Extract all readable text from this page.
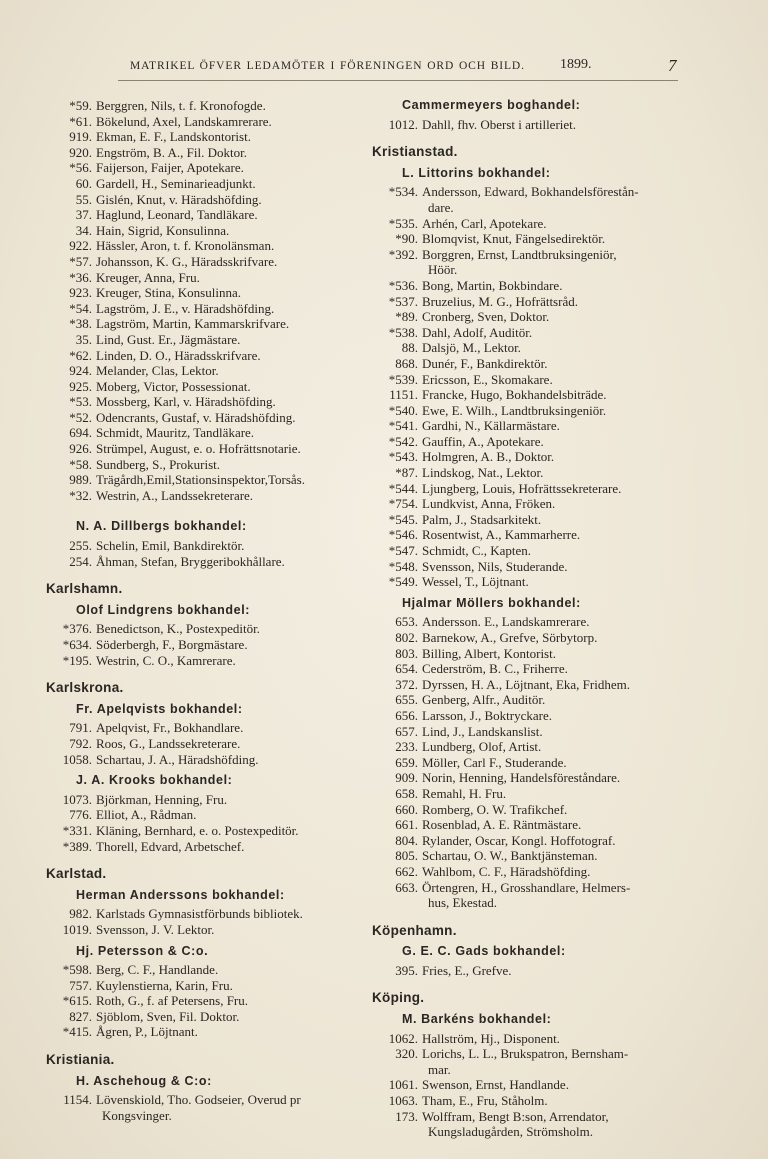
MATRIKEL ÖFVER LEDAMÖTER I FÖRENINGEN ORD OCH BILD.	1899.	7
*59. Berggren, Nils, t. f. Kronofogde.
*61. Bökelund, Axel, Landskamrerare.
919. Ekman, E. F., Landskontorist.
920. Engström, B. A., Fil. Doktor.
*56. Faijerson, Faijer, Apotekare.
60. Gardell, H., Seminarieadjunkt.
55. Gislén, Knut, v. Häradshöfding.
37. Haglund, Leonard, Tandläkare.
34. Hain, Sigrid, Konsulinna.
922. Hässler, Aron, t. f. Kronolänsman.
*57. Johansson, K. G., Häradsskrifvare.
*36. Kreuger, Anna, Fru.
923. Kreuger, Stina, Konsulinna.
*54. Lagström, J. E., v. Häradshöfding.
*38. Lagström, Martin, Kammarskrifvare.
35. Lind, Gust. Er., Jägmästare.
*62. Linden, D. O., Häradsskrifvare.
924. Melander, Clas, Lektor.
925. Moberg, Victor, Possessionat.
*53. Mossberg, Karl, v. Häradshöfding.
*52. Odencrants, Gustaf, v. Häradshöfding.
694. Schmidt, Mauritz, Tandläkare.
926. Strümpel, August, e. o. Hofrättsnotarie.
*58. Sundberg, S., Prokurist.
989. Trägårdh,Emil,Stationsinspektor,Torsås.
*32. Westrin, A., Landssekreterare.
N. A. Dillbergs bokhandel:
255. Schelin, Emil, Bankdirektör.
254. Åhman, Stefan, Bryggeribokhållare.
Karlshamn.
Olof Lindgrens bokhandel:
*376. Benedictson, K., Postexpeditör.
*634. Söderbergh, F., Borgmästare.
*195. Westrin, C. O., Kamrerare.
Karlskrona.
Fr. Apelqvists bokhandel:
791. Apelqvist, Fr., Bokhandlare.
792. Roos, G., Landssekreterare.
1058. Schartau, J. A., Häradshöfding.
J. A. Krooks bokhandel:
1073. Björkman, Henning, Fru.
776. Elliot, A., Rådman.
*331. Kläning, Bernhard, e. o. Postexpeditör.
*389. Thorell, Edvard, Arbetschef.
Karlstad.
Herman Anderssons bokhandel:
982. Karlstads Gymnasistförbunds bibliotek.
1019. Svensson, J. V. Lektor.
Hj. Petersson & C:o.
*598. Berg, C. F., Handlande.
757. Kuylenstierna, Karin, Fru.
*615. Roth, G., f. af Petersens, Fru.
827. Sjöblom, Sven, Fil. Doktor.
*415. Ågren, P., Löjtnant.
Kristiania.
H. Aschehoug & C:o:
1154. Lövenskiold, Tho. Godseier, Overud pr
Kongsvinger.
Cammermeyers boghandel:
1012. Dahll, fhv. Oberst i artilleriet.
Kristianstad.
L. Littorins bokhandel:
*534. Andersson, Edward, Bokhandelsförestån-
dare.
*535. Arhén, Carl, Apotekare.
*90. Blomqvist, Knut, Fängelsedirektör.
*392. Borggren, Ernst, Landtbruksingeniör,
Höör.
*536. Bong, Martin, Bokbindare.
*537. Bruzelius, M. G., Hofrättsråd.
*89. Cronberg, Sven, Doktor.
*538. Dahl, Adolf, Auditör.
88. Dalsjö, M., Lektor.
868. Dunér, F., Bankdirektör.
*539. Ericsson, E., Skomakare.
1151. Francke, Hugo, Bokhandelsbiträde.
*540. Ewe, E. Wilh., Landtbruksingeniör.
*541. Gardhi, N., Källarmästare.
*542. Gauffin, A., Apotekare.
*543. Holmgren, A. B., Doktor.
*87. Lindskog, Nat., Lektor.
*544. Ljungberg, Louis, Hofrättssekreterare.
*754. Lundkvist, Anna, Fröken.
*545. Palm, J., Stadsarkitekt.
*546. Rosentwist, A., Kammarherre.
*547. Schmidt, C., Kapten.
*548. Svensson, Nils, Studerande.
*549. Wessel, T., Löjtnant.
Hjalmar Möllers bokhandel:
653. Andersson. E., Landskamrerare.
802. Barnekow, A., Grefve, Sörbytorp.
803. Billing, Albert, Kontorist.
654. Cederström, B. C., Friherre.
372. Dyrssen, H. A., Löjtnant, Eka, Fridhem.
655. Genberg, Alfr., Auditör.
656. Larsson, J., Boktryckare.
657. Lind, J., Landskanslist.
233. Lundberg, Olof, Artist.
659. Möller, Carl F., Studerande.
909. Norin, Henning, Handelsföreståndare.
658. Remahl, H. Fru.
660. Romberg, O. W. Trafikchef.
661. Rosenblad, A. E. Räntmästare.
804. Rylander, Oscar, Kongl. Hoffotograf.
805. Schartau, O. W., Banktjänsteman.
662. Wahlbom, C. F., Häradshöfding.
663. Örtengren, H., Grosshandlare, Helmers-
hus, Ekestad.
Köpenhamn.
G. E. C. Gads bokhandel:
395. Fries, E., Grefve.
Köping.
M. Barkéns bokhandel:
1062. Hallström, Hj., Disponent.
320. Lorichs, L. L., Brukspatron, Bernsham-
mar.
1061. Swenson, Ernst, Handlande.
1063. Tham, E., Fru, Ståholm.
173. Wolffram, Bengt B:son, Arrendator,
Kungsladugården, Strömsholm.
